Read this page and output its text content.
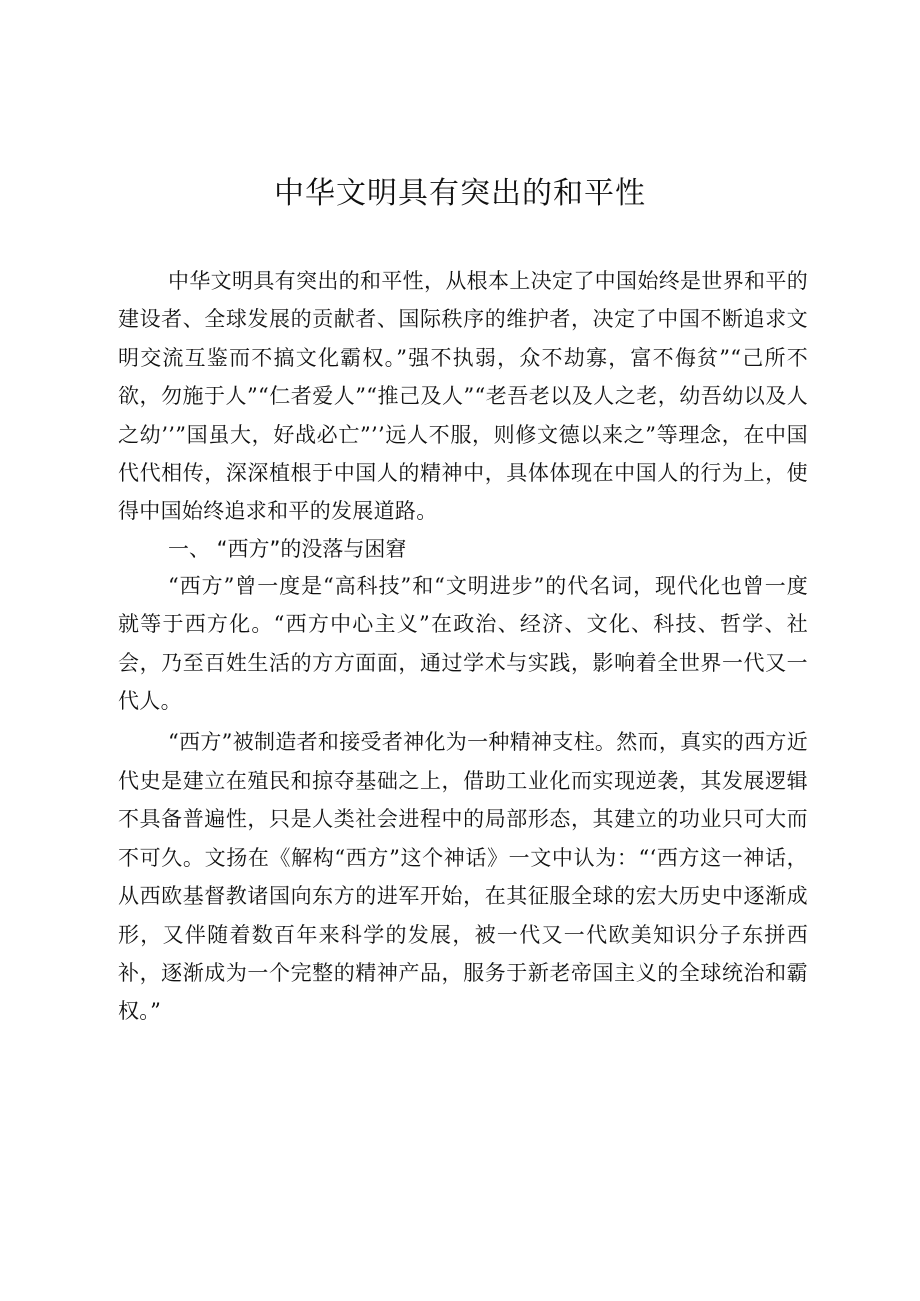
中华文明具有突出的和平性

中华文明具有突出的和平性，从根本上决定了中国始终是世界和平的建设者、全球发展的贡献者、国际秩序的维护者，决定了中国不断追求文明交流互鉴而不搞文化霸权。”强不执弱，众不劫寡，富不侮贫”“己所不欲，勿施于人”“仁者爱人”“推己及人”“老吾老以及人之老，幼吾幼以及人之幼’’”国虽大，好战必亡”’’远人不服，则修文德以来之”等理念，在中国代代相传，深深植根于中国人的精神中，具体体现在中国人的行为上，使得中国始终追求和平的发展道路。

一、 “西方”的没落与困窘

“西方”曾一度是“高科技”和“文明进步”的代名词，现代化也曾一度就等于西方化。“西方中心主义”在政治、经济、文化、科技、哲学、社会，乃至百姓生活的方方面面，通过学术与实践，影响着全世界一代又一代人。

“西方”被制造者和接受者神化为一种精神支柱。然而，真实的西方近代史是建立在殖民和掠夺基础之上，借助工业化而实现逆袭，其发展逻辑不具备普遍性，只是人类社会进程中的局部形态，其建立的功业只可大而不可久。文扬在《解构“西方”这个神话》一文中认为：“‘西方这一神话，从西欧基督教诸国向东方的进军开始，在其征服全球的宏大历史中逐渐成形，又伴随着数百年来科学的发展，被一代又一代欧美知识分子东拼西补，逐渐成为一个完整的精神产品，服务于新老帝国主义的全球统治和霸权。”
